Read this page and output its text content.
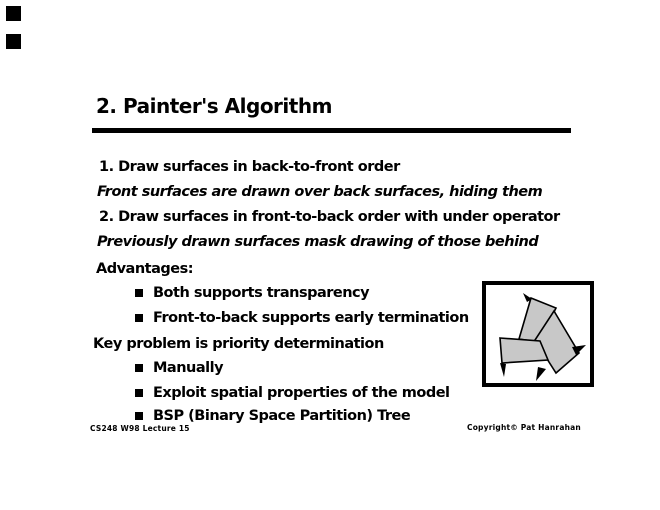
2. Painter's Algorithm
1. Draw surfaces in back-to-front order
Front surfaces are drawn over back surfaces, hiding them
2. Draw surfaces in front-to-back order with under operator
Previously drawn surfaces mask drawing of those behind
Advantages:
Both supports transparency
Front-to-back supports early termination
Key problem is priority determination
Manually
Exploit spatial properties of the model
BSP (Binary Space Partition) Tree
CS248 W98 Lecture 15	Copyright© Pat Hanrahan
